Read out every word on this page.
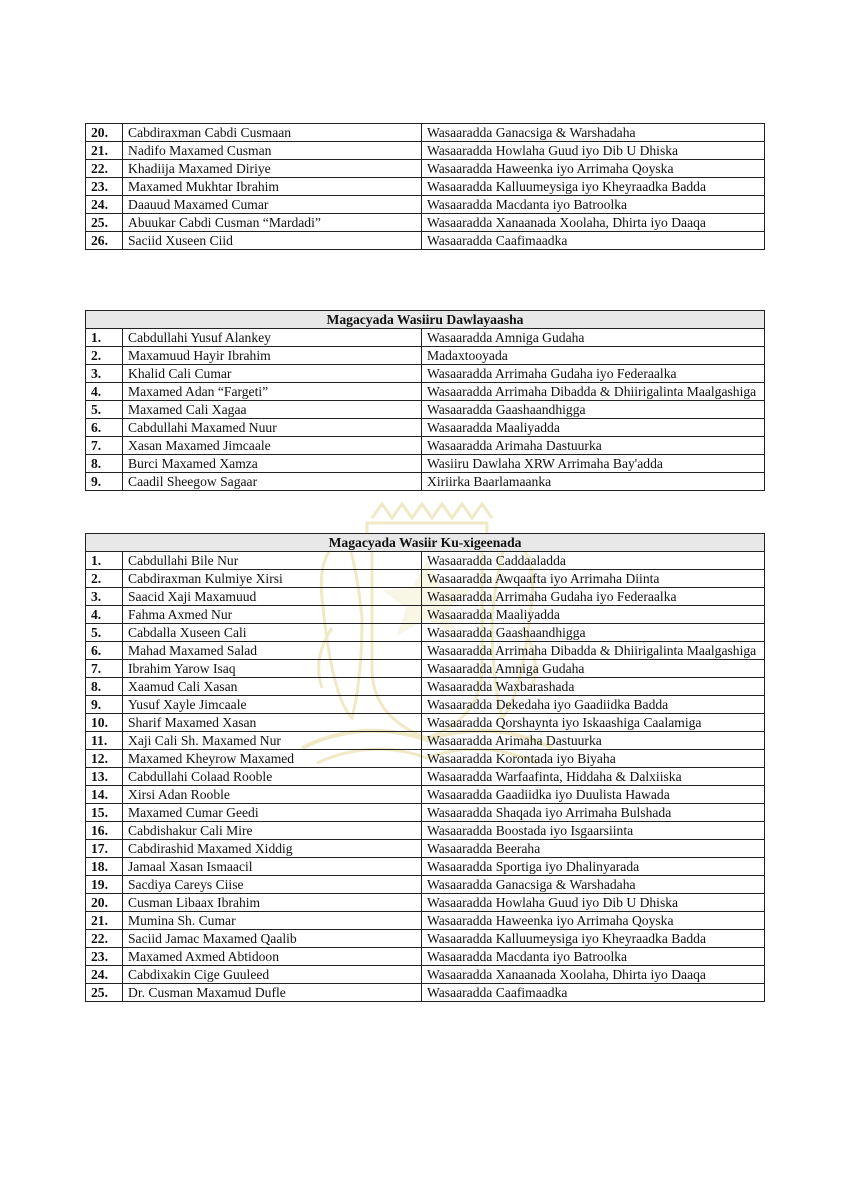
20.	Cabdiraxman Cabdi Cusmaan	Wasaaradda Ganacsiga & Warshadaha
21.	Nadifo Maxamed Cusman	Wasaaradda Howlaha Guud iyo Dib U Dhiska
22.	Khadiija Maxamed Diriye	Wasaaradda Haweenka iyo Arrimaha Qoyska
23.	Maxamed Mukhtar Ibrahim	Wasaaradda Kalluumeysiga iyo Kheyraadka Badda
24.	Daauud Maxamed Cumar	Wasaaradda Macdanta iyo Batroolka
25.	Abuukar Cabdi Cusman “Mardadi”	Wasaaradda Xanaanada Xoolaha, Dhirta iyo Daaqa
26.	Saciid Xuseen Ciid	Wasaaradda Caafimaadka
Magacyada Wasiiru Dawlayaasha		
1.	Cabdullahi Yusuf Alankey	Wasaaradda Amniga Gudaha
2.	Maxamuud Hayir Ibrahim	Madaxtooyada
3.	Khalid Cali Cumar	Wasaaradda Arrimaha Gudaha iyo Federaalka
4.	Maxamed Adan “Fargeti”	Wasaaradda Arrimaha Dibadda & Dhiirigalinta Maalgashiga
5.	Maxamed Cali Xagaa	Wasaaradda Gaashaandhigga
6.	Cabdullahi Maxamed Nuur	Wasaaradda Maaliyadda
7.	Xasan Maxamed Jimcaale	Wasaaradda Arimaha Dastuurka
8.	Burci Maxamed Xamza	Wasiiru Dawlaha XRW Arrimaha Bay'adda
9.	Caadil Sheegow Sagaar	Xiriirka Baarlamaanka
Magacyada Wasiir Ku-xigeenada		
1.	Cabdullahi Bile Nur	Wasaaradda Caddaaladda
2.	Cabdiraxman Kulmiye Xirsi	Wasaaradda Awqaafta iyo Arrimaha Diinta
3.	Saacid Xaji Maxamuud	Wasaaradda Arrimaha Gudaha iyo Federaalka
4.	Fahma Axmed Nur	Wasaaradda Maaliyadda
5.	Cabdalla Xuseen Cali	Wasaaradda Gaashaandhigga
6.	Mahad Maxamed Salad	Wasaaradda Arrimaha Dibadda & Dhiirigalinta Maalgashiga
7.	Ibrahim Yarow Isaq	Wasaaradda Amniga Gudaha
8.	Xaamud Cali Xasan	Wasaaradda Waxbarashada
9.	Yusuf Xayle Jimcaale	Wasaaradda Dekedaha iyo Gaadiidka Badda
10.	Sharif Maxamed Xasan	Wasaaradda Qorshaynta iyo Iskaashiga Caalamiga
11.	Xaji Cali Sh. Maxamed Nur	Wasaaradda Arimaha Dastuurka
12.	Maxamed Kheyrow Maxamed	Wasaaradda Korontada iyo Biyaha
13.	Cabdullahi Colaad Rooble	Wasaaradda Warfaafinta, Hiddaha & Dalxiiska
14.	Xirsi Adan Rooble	Wasaaradda Gaadiidka iyo Duulista Hawada
15.	Maxamed Cumar Geedi	Wasaaradda Shaqada iyo Arrimaha Bulshada
16.	Cabdishakur Cali Mire	Wasaaradda Boostada iyo Isgaarsiinta
17.	Cabdirashid Maxamed Xiddig	Wasaaradda Beeraha
18.	Jamaal Xasan Ismaacil	Wasaaradda Sportiga iyo Dhalinyarada
19.	Sacdiya Careys Ciise	Wasaaradda Ganacsiga & Warshadaha
20.	Cusman Libaax Ibrahim	Wasaaradda Howlaha Guud iyo Dib U Dhiska
21.	Mumina Sh. Cumar	Wasaaradda Haweenka iyo Arrimaha Qoyska
22.	Saciid Jamac Maxamed Qaalib	Wasaaradda Kalluumeysiga iyo Kheyraadka Badda
23.	Maxamed Axmed Abtidoon	Wasaaradda Macdanta iyo Batroolka
24.	Cabdixakin Cige Guuleed	Wasaaradda Xanaanada Xoolaha, Dhirta iyo Daaqa
25.	Dr. Cusman Maxamud Dufle	Wasaaradda Caafimaadka
